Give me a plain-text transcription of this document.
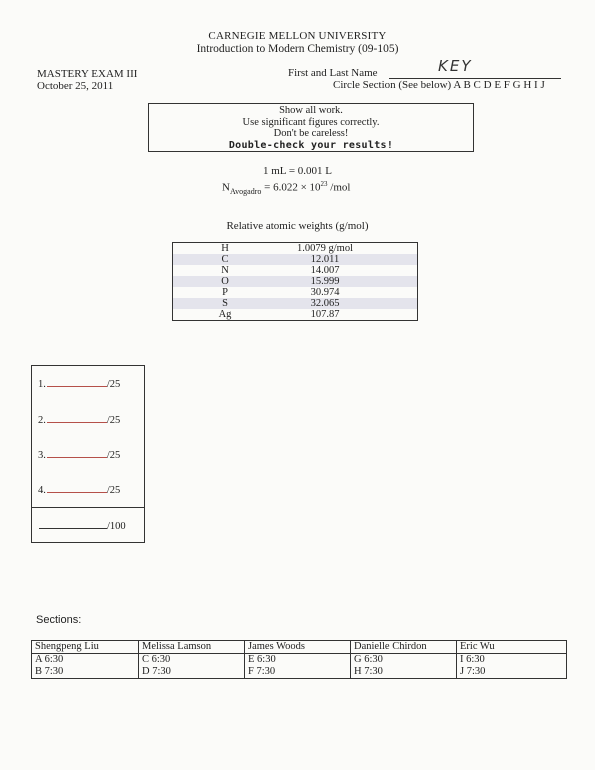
CARNEGIE MELLON UNIVERSITY
Introduction to Modern Chemistry (09-105)
MASTERY EXAM III
October 25, 2011
First and Last Name	KEY
Circle Section (See below) A B C D E F G H I J
Show all work.
Use significant figures correctly.
Don't be careless!
Double-check your results!
1 mL = 0.001 L
$N_{Avogadro} = 6.022 \times 10^{23}$ /mol
Relative atomic weights (g/mol)
H	1.0079 g/mol
C	12.011
N	14.007
O	15.999
P	30.974
S	32.065
Ag	107.87
1.	/25
2.	/25
3.	/25
4.	/25
/100
Sections:
Shengpeng Liu	Melissa Lamson	James Woods	Danielle Chirdon	Eric Wu
A 6:30	C 6:30	E 6:30	G 6:30	I 6:30
B 7:30	D 7:30	F 7:30	H 7:30	J 7:30
